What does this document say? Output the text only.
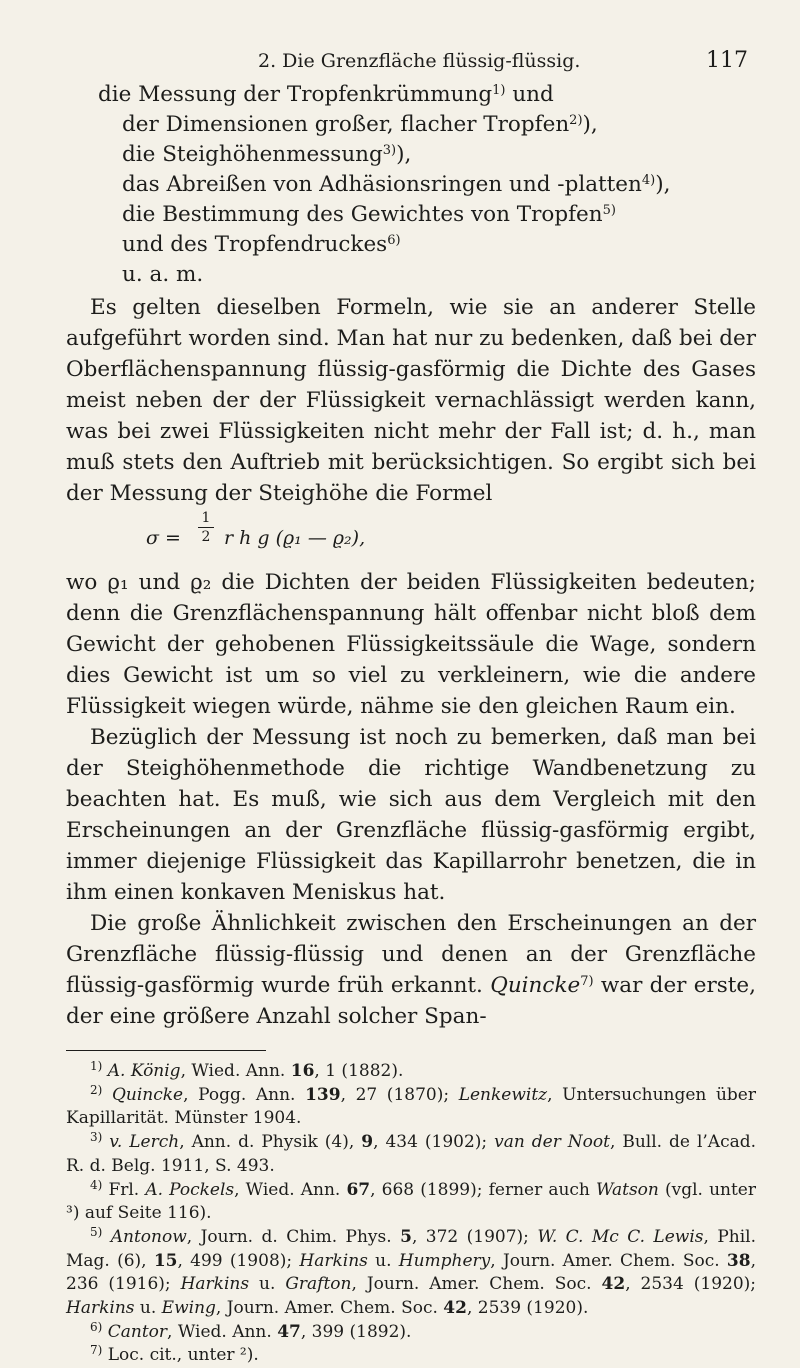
2. Die Grenzfläche flüssig-flüssig.	117
die Messung der Tropfenkrümmung$^{1)}$ und
der Dimensionen großer, flacher Tropfen$^{2)}$),
die Steighöhenmessung$^{3)}$),
das Abreißen von Adhäsionsringen und -platten$^{4)}$),
die Bestimmung des Gewichtes von Tropfen$^{5)}$
und des Tropfendruckes$^{6)}$
u. a. m.

Es gelten dieselben Formeln, wie sie an anderer Stelle aufgeführt worden sind. Man hat nur zu bedenken, daß bei der Oberflächenspannung flüssig-gasförmig die Dichte des Gases meist neben der der Flüssigkeit vernachlässigt werden kann, was bei zwei Flüssigkeiten nicht mehr der Fall ist; d. h., man muß stets den Auftrieb mit berücksichtigen. So ergibt sich bei der Messung der Steighöhe die Formel

σ =
1
2 r h g (ϱ₁ — ϱ₂),

wo ϱ₁ und ϱ₂ die Dichten der beiden Flüssigkeiten bedeuten; denn die Grenzflächenspannung hält offenbar nicht bloß dem Gewicht der gehobenen Flüssigkeitssäule die Wage, sondern dies Gewicht ist um so viel zu verkleinern, wie die andere Flüssigkeit wiegen würde, nähme sie den gleichen Raum ein.

Bezüglich der Messung ist noch zu bemerken, daß man bei der Steighöhenmethode die richtige Wandbenetzung zu beachten hat. Es muß, wie sich aus dem Vergleich mit den Erscheinungen an der Grenzfläche flüssig-gasförmig ergibt, immer diejenige Flüssigkeit das Kapillarrohr benetzen, die in ihm einen konkaven Meniskus hat.

Die große Ähnlichkeit zwischen den Erscheinungen an der Grenzfläche flüssig-flüssig und denen an der Grenzfläche flüssig-gasförmig wurde früh erkannt. Quincke$^{7)}$ war der erste, der eine größere Anzahl solcher Span-

$^{1)}$ A. König, Wied. Ann. 16, 1 (1882).

$^{2)}$ Quincke, Pogg. Ann. 139, 27 (1870); Lenkewitz, Untersuchungen über Kapillarität. Münster 1904.

$^{3)}$ v. Lerch, Ann. d. Physik (4), 9, 434 (1902); van der Noot, Bull. de l’Acad. R. d. Belg. 1911, S. 493.

$^{4)}$ Frl. A. Pockels, Wied. Ann. 67, 668 (1899); ferner auch Watson (vgl. unter ³) auf Seite 116).

$^{5)}$ Antonow, Journ. d. Chim. Phys. 5, 372 (1907); W. C. Mc C. Lewis, Phil. Mag. (6), 15, 499 (1908); Harkins u. Humphery, Journ. Amer. Chem. Soc. 38, 236 (1916); Harkins u. Grafton, Journ. Amer. Chem. Soc. 42, 2534 (1920); Harkins u. Ewing, Journ. Amer. Chem. Soc. 42, 2539 (1920).

$^{6)}$ Cantor, Wied. Ann. 47, 399 (1892).

$^{7)}$ Loc. cit., unter ²).
